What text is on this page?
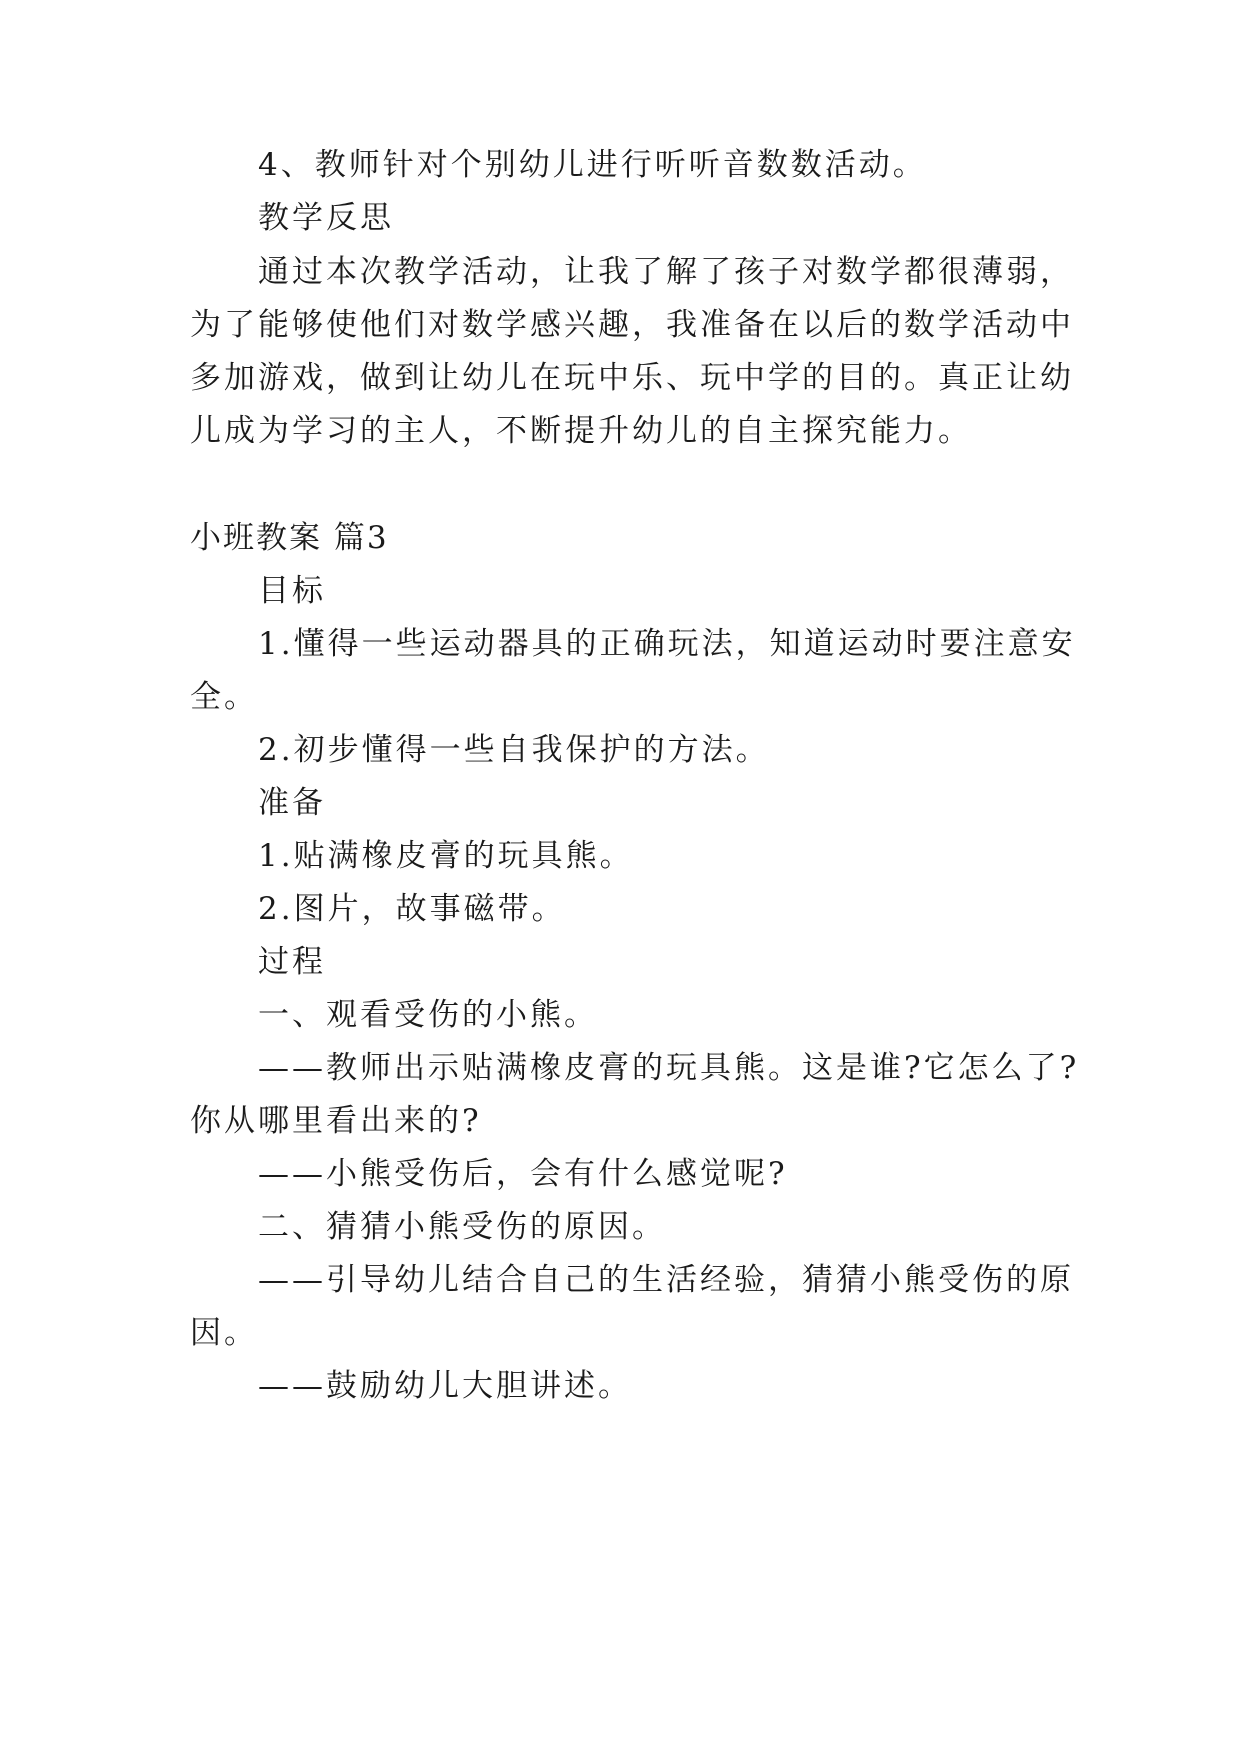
4、教师针对个别幼儿进行听听音数数活动。
教学反思
通过本次教学活动，让我了解了孩子对数学都很薄弱，
为了能够使他们对数学感兴趣，我准备在以后的数学活动中
多加游戏，做到让幼儿在玩中乐、玩中学的目的。真正让幼
儿成为学习的主人，不断提升幼儿的自主探究能力。
小班教案 篇3
目标
1.懂得一些运动器具的正确玩法，知道运动时要注意安
全。
2.初步懂得一些自我保护的方法。
准备
1.贴满橡皮膏的玩具熊。
2.图片，故事磁带。
过程
一、观看受伤的小熊。
——教师出示贴满橡皮膏的玩具熊。这是谁?它怎么了?
你从哪里看出来的?
——小熊受伤后，会有什么感觉呢?
二、猜猜小熊受伤的原因。
——引导幼儿结合自己的生活经验，猜猜小熊受伤的原
因。
——鼓励幼儿大胆讲述。
